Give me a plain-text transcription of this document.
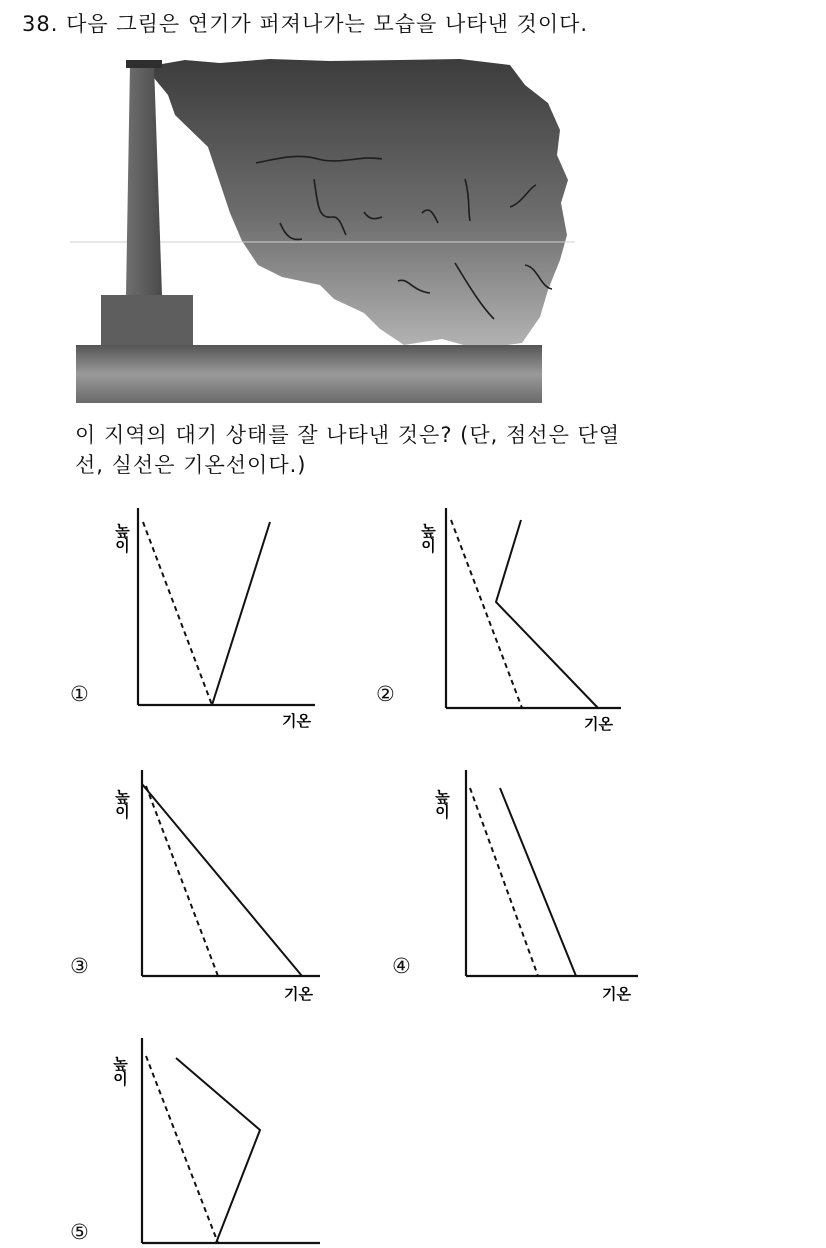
38. 다음 그림은 연기가 퍼져나가는 모습을 나타낸 것이다.
이 지역의 대기 상태를 잘 나타낸 것은? (단, 점선은 단열
선, 실선은 기온선이다.)
①
높이
기온
②
높이
기온
③
높이
기온
④
높이
기온
⑤
높이
